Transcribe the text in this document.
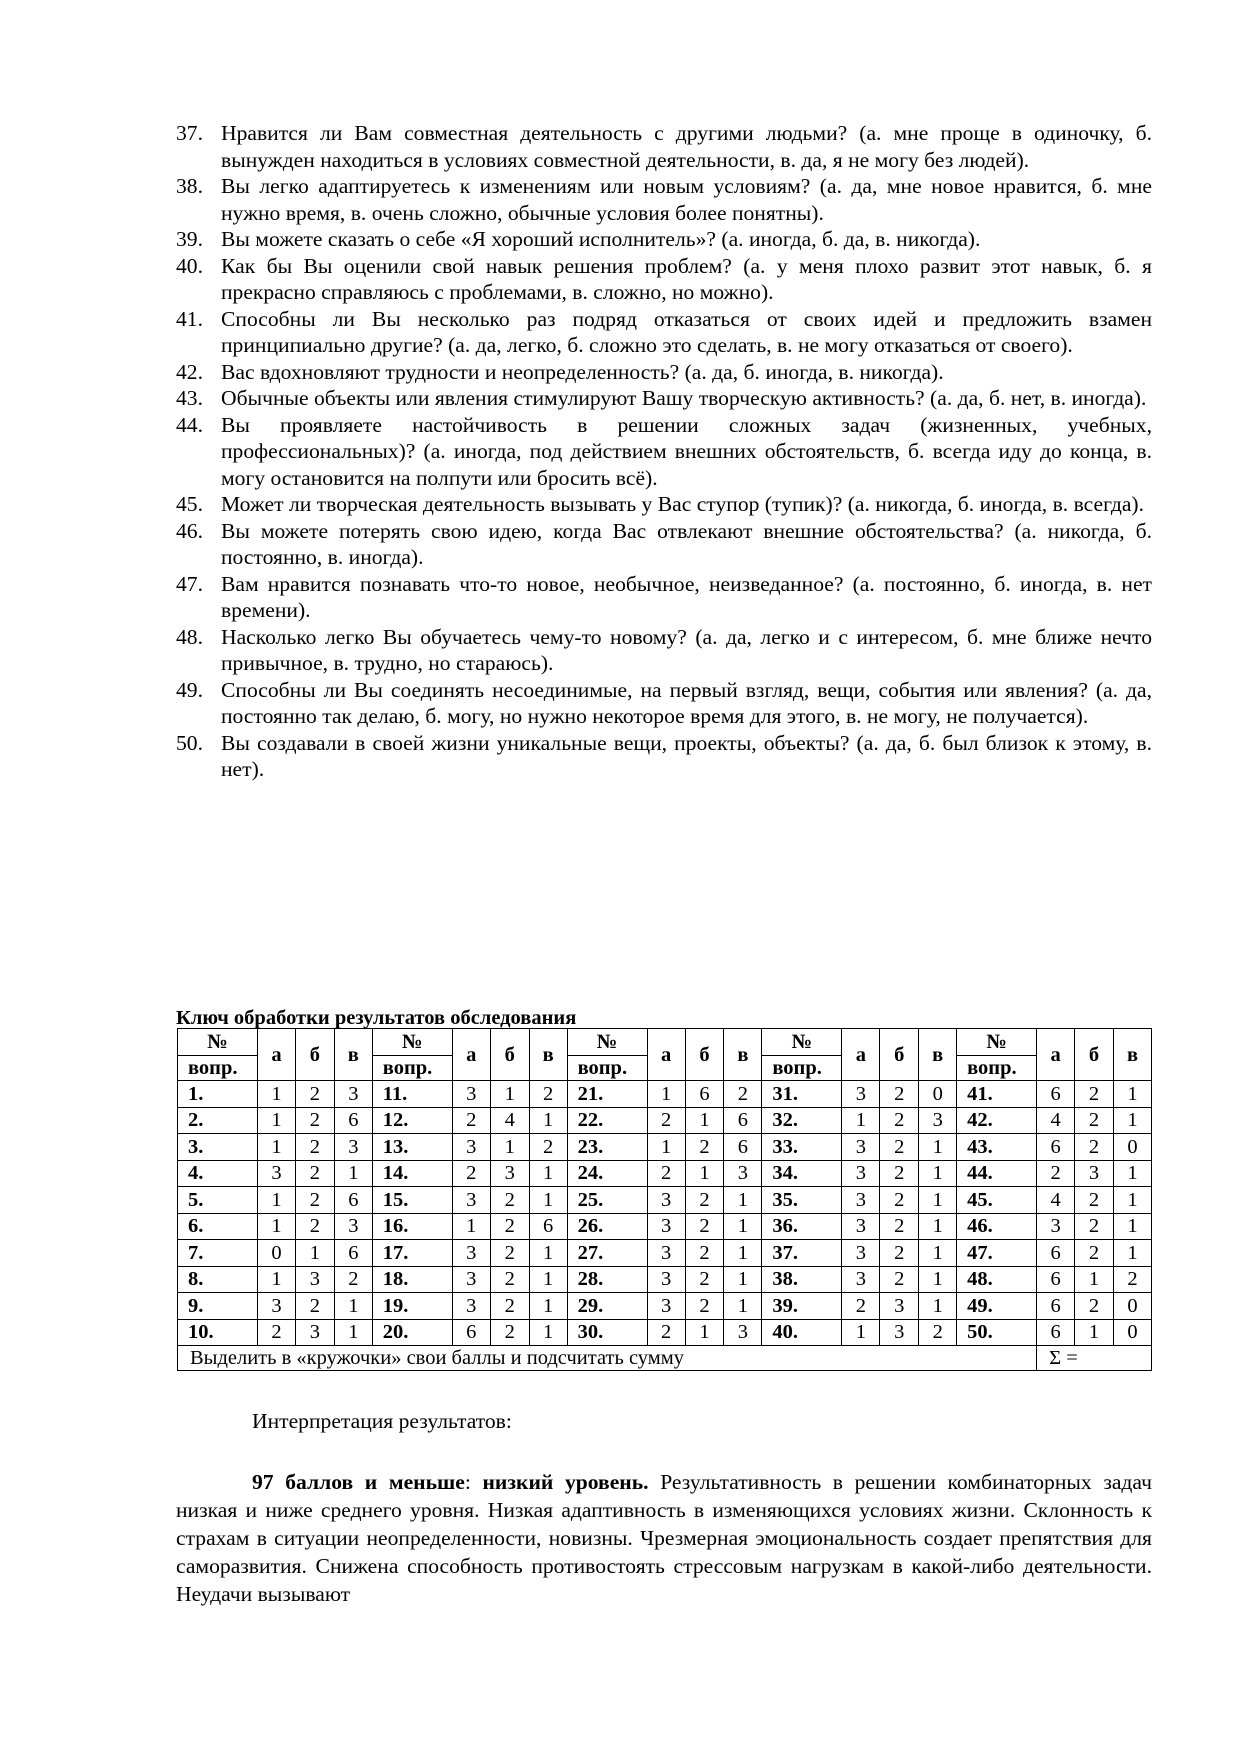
37. Нравится ли Вам совместная деятельность с другими людьми? (а. мне проще в одиночку, б. вынужден находиться в условиях совместной деятельности, в. да, я не могу без людей).
38. Вы легко адаптируетесь к изменениям или новым условиям? (а. да, мне новое нравится, б. мне нужно время, в. очень сложно, обычные условия более понятны).
39. Вы можете сказать о себе «Я хороший исполнитель»? (а. иногда, б. да, в. никогда).
40. Как бы Вы оценили свой навык решения проблем? (а. у меня плохо развит этот навык, б. я прекрасно справляюсь с проблемами, в. сложно, но можно).
41. Способны ли Вы несколько раз подряд отказаться от своих идей и предложить взамен принципиально другие? (а. да, легко, б. сложно это сделать, в. не могу отказаться от своего).
42. Вас вдохновляют трудности и неопределенность? (а. да, б. иногда, в. никогда).
43. Обычные объекты или явления стимулируют Вашу творческую активность? (а. да, б. нет, в. иногда).
44. Вы проявляете настойчивость в решении сложных задач (жизненных, учебных, профессиональных)? (а. иногда, под действием внешних обстоятельств, б. всегда иду до конца, в. могу остановится на полпути или бросить всё).
45. Может ли творческая деятельность вызывать у Вас ступор (тупик)? (а. никогда, б. иногда, в. всегда).
46. Вы можете потерять свою идею, когда Вас отвлекают внешние обстоятельства? (а. никогда, б. постоянно, в. иногда).
47. Вам нравится познавать что-то новое, необычное, неизведанное? (а. постоянно, б. иногда, в. нет времени).
48. Насколько легко Вы обучаетесь чему-то новому? (а. да, легко и с интересом, б. мне ближе нечто привычное, в. трудно, но стараюсь).
49. Способны ли Вы соединять несоединимые, на первый взгляд, вещи, события или явления? (а. да, постоянно так делаю, б. могу, но нужно некоторое время для этого, в. не могу, не получается).
50. Вы создавали в своей жизни уникальные вещи, проекты, объекты? (а. да, б. был близок к этому, в. нет).
Ключ обработки результатов обследования
№	а	б	в	№	а	б	в	№	а	б	в	№	а	б	в	№	а	б	в
вопр.				вопр.				вопр.				вопр.				вопр.			
1.	1	2	3	11.	3	1	2	21.	1	6	2	31.	3	2	0	41.	6	2	1
2.	1	2	6	12.	2	4	1	22.	2	1	6	32.	1	2	3	42.	4	2	1
3.	1	2	3	13.	3	1	2	23.	1	2	6	33.	3	2	1	43.	6	2	0
4.	3	2	1	14.	2	3	1	24.	2	1	3	34.	3	2	1	44.	2	3	1
5.	1	2	6	15.	3	2	1	25.	3	2	1	35.	3	2	1	45.	4	2	1
6.	1	2	3	16.	1	2	6	26.	3	2	1	36.	3	2	1	46.	3	2	1
7.	0	1	6	17.	3	2	1	27.	3	2	1	37.	3	2	1	47.	6	2	1
8.	1	3	2	18.	3	2	1	28.	3	2	1	38.	3	2	1	48.	6	1	2
9.	3	2	1	19.	3	2	1	29.	3	2	1	39.	2	3	1	49.	6	2	0
10.	2	3	1	20.	6	2	1	30.	2	1	3	40.	1	3	2	50.	6	1	0
Выделить в «кружочки» свои баллы и подсчитать сумму																	Σ =		
Интерпретация результатов:

97 баллов и меньше: низкий уровень. Результативность в решении комбинаторных задач низкая и ниже среднего уровня. Низкая адаптивность в изменяющихся условиях жизни. Склонность к страхам в ситуации неопределенности, новизны. Чрезмерная эмоциональность создает препятствия для саморазвития. Снижена способность противостоять стрессовым нагрузкам в какой-либо деятельности. Неудачи вызывают
